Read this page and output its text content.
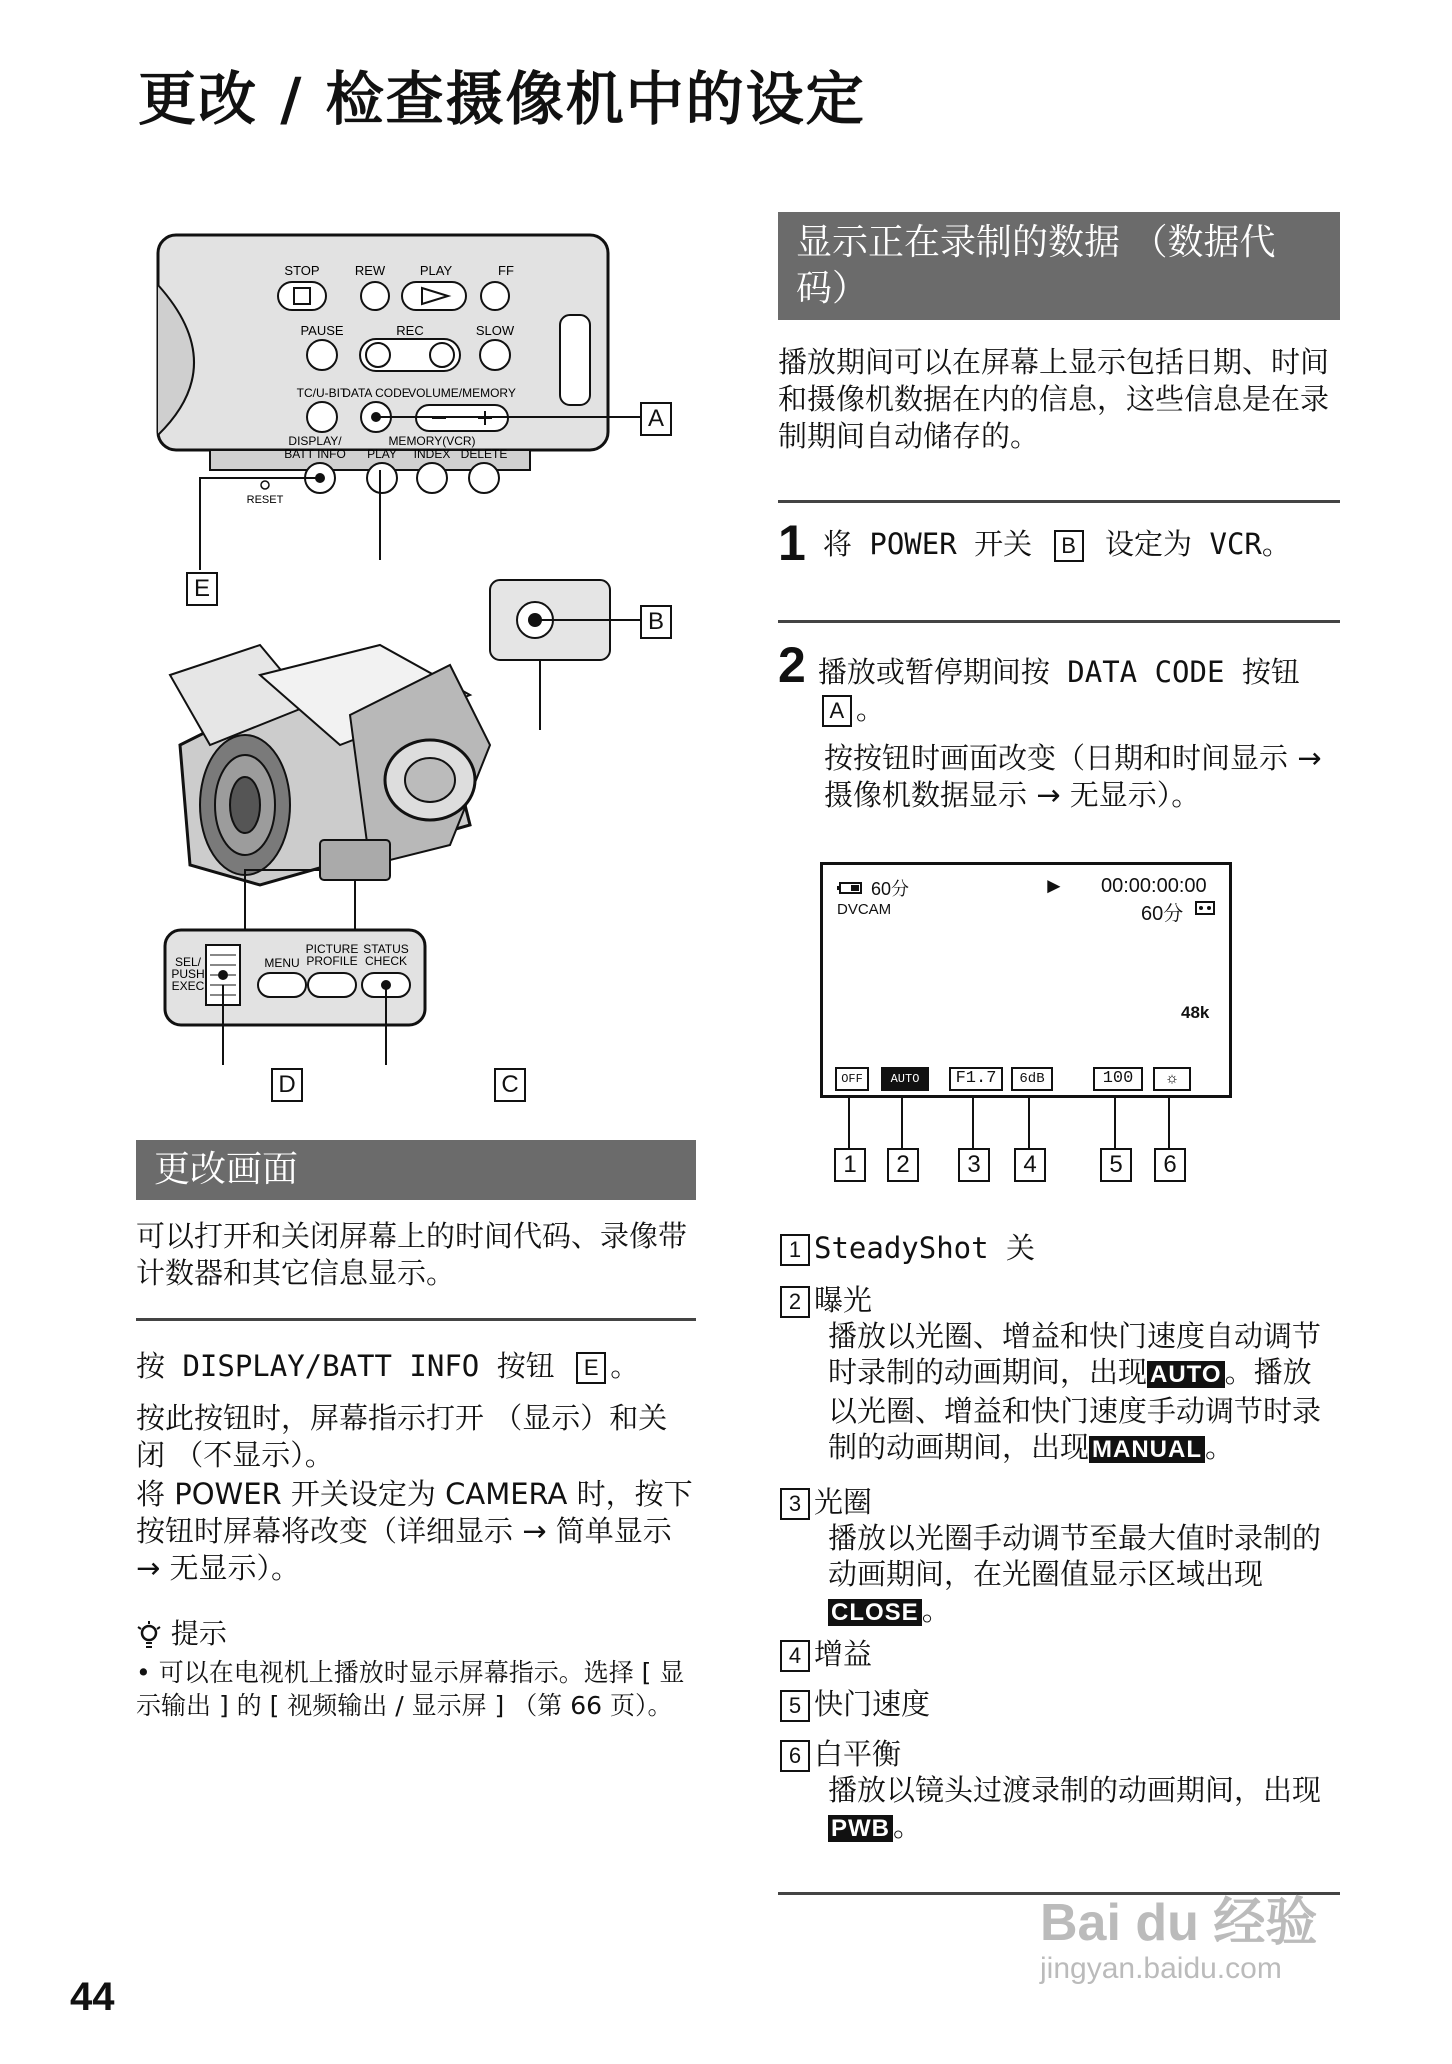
更改 / 检查摄像机中的设定
STOP	REW	PLAY	FF
PAUSE	REC	SLOW
TC/U-BIT
DATA CODE
VOLUME/MEMORY
DISPLAY/
BATT INFO
MEMORY(VCR)
PLAY INDEX DELETE
RESET
SEL/
PUSH
EXEC
MENU
PICTURE
PROFILE
STATUS
CHECK
A
B
E
D	C
更改画面
可以打开和关闭屏幕上的时间代码、录像带计数器和其它信息显示。
按 DISPLAY/BATT INFO 按钮 E 。
按此按钮时，屏幕指示打开 （显示）和关闭 （不显示）。
将 POWER 开关设定为 CAMERA 时，按下按钮时屏幕将改变（详细显示 → 简单显示 → 无显示）。
提示
• 可以在电视机上播放时显示屏幕指示。选择 [ 显示输出 ] 的 [ 视频输出 / 显示屏 ] （第 66 页）。
显示正在录制的数据 （数据代码）
播放期间可以在屏幕上显示包括日期、时间和摄像机数据在内的信息，这些信息是在录制期间自动储存的。
1 将 POWER 开关 B 设定为 VCR。
2 播放或暂停期间按 DATA CODE 按钮 A 。
按按钮时画面改变（日期和时间显示 → 摄像机数据显示 → 无显示）。
60分
DVCAM
► 00:00:00:00
60分
48k
OFF	AUTO	F1.7	6dB	100	☼
1	2	3	4	5	6
1 SteadyShot 关
2 曝光
播放以光圈、增益和快门速度自动调节时录制的动画期间，出现 AUTO 。播放以光圈、增益和快门速度手动调节时录制的动画期间，出现 MANUAL 。
3 光圈
播放以光圈手动调节至最大值时录制的动画期间，在光圈值显示区域出现CLOSE 。
4 增益
5 快门速度
6 白平衡
播放以镜头过渡录制的动画期间，出现PWB 。
Bai du 经验
jingyan.baidu.com
44
